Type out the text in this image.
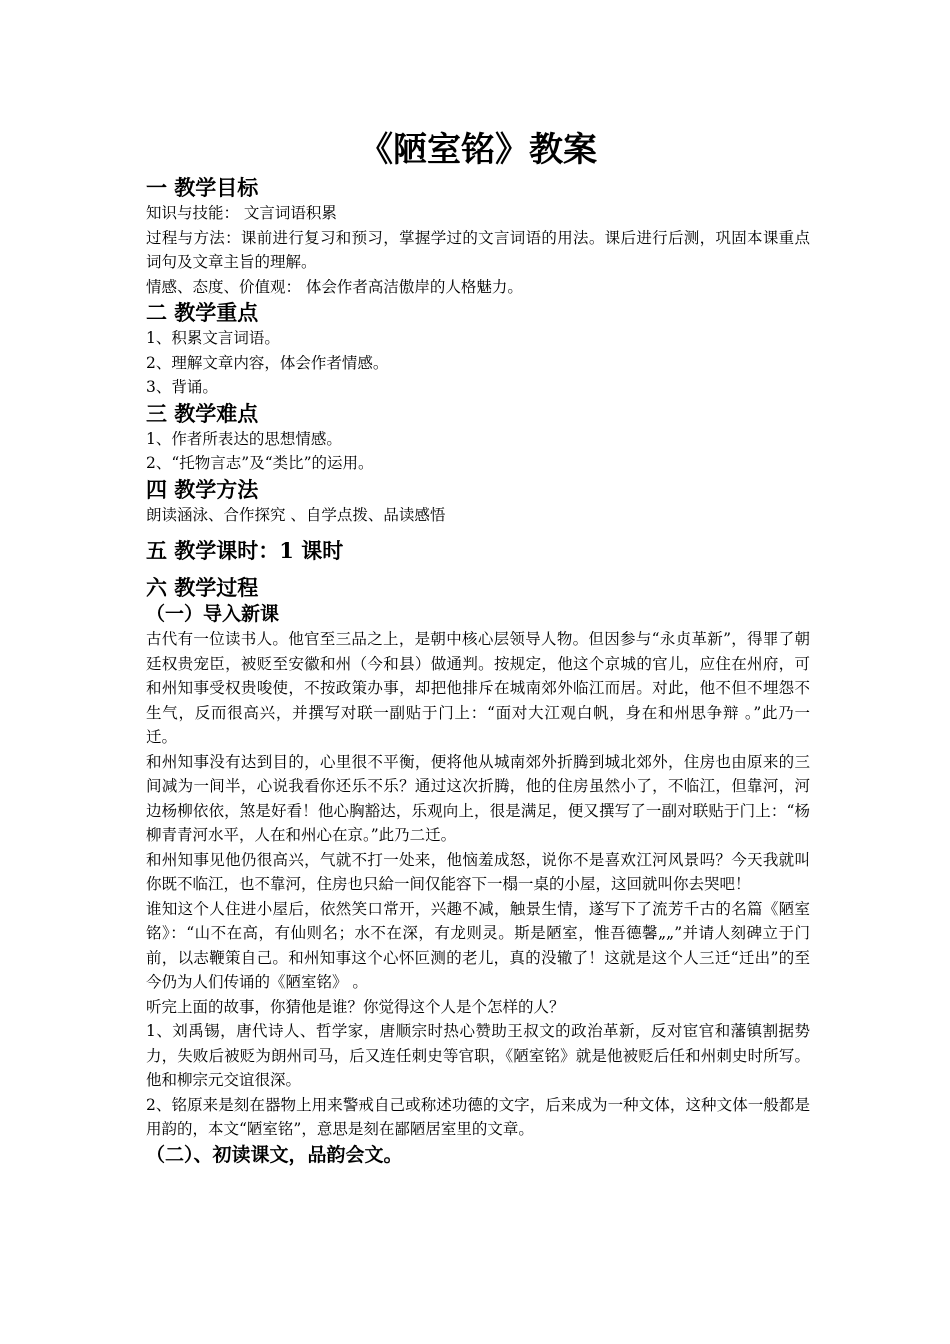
《陋室铭》教案
一 教学目标
知识与技能： 文言词语积累
过程与方法：课前进行复习和预习，掌握学过的文言词语的用法。课后进行后测，巩固本课重点词句及文章主旨的理解。
情感、态度、价值观： 体会作者高洁傲岸的人格魅力。
二 教学重点
1、积累文言词语。
2、理解文章内容，体会作者情感。
3、背诵。
三 教学难点
1、作者所表达的思想情感。
2、“托物言志”及“类比”的运用。
四 教学方法
朗读涵泳、合作探究 、自学点拨、品读感悟
五 教学课时：1 课时
六 教学过程
（一）导入新课
古代有一位读书人。他官至三品之上，是朝中核心层领导人物。但因参与“永贞革新”，得罪了朝廷权贵宠臣，被贬至安徽和州（今和县）做通判。按规定，他这个京城的官儿，应住在州府，可和州知事受权贵唆使，不按政策办事，却把他排斥在城南郊外临江而居。对此，他不但不埋怨不生气，反而很高兴，并撰写对联一副贴于门上：“面对大江观白帆，身在和州思争辩 。”此乃一迁。
和州知事没有达到目的，心里很不平衡，便将他从城南郊外折腾到城北郊外，住房也由原来的三间减为一间半，心说我看你还乐不乐？通过这次折腾，他的住房虽然小了，不临江，但靠河，河边杨柳依依，煞是好看！他心胸豁达，乐观向上，很是满足，便又撰写了一副对联贴于门上：“杨柳青青河水平，人在和州心在京。”此乃二迁。
和州知事见他仍很高兴，气就不打一处来，他恼羞成怒，说你不是喜欢江河风景吗？今天我就叫你既不临江，也不靠河，住房也只給一间仅能容下一榻一桌的小屋，这回就叫你去哭吧！
谁知这个人住进小屋后，依然笑口常开，兴趣不减，触景生情，遂写下了流芳千古的名篇《陋室铭》：“山不在高，有仙则名；水不在深，有龙则灵。斯是陋室，惟吾德馨„„”并请人刻碑立于门前，以志鞭策自己。和州知事这个心怀叵测的老儿，真的没辙了！这就是这个人三迁“迁出”的至今仍为人们传诵的《陋室铭》 。
听完上面的故事，你猜他是谁？你觉得这个人是个怎样的人？
1、刘禹锡，唐代诗人、哲学家，唐顺宗时热心赞助王叔文的政治革新，反对宦官和藩镇割据势力，失败后被贬为朗州司马，后又连任刺史等官职，《陋室铭》就是他被贬后任和州刺史时所写。他和柳宗元交谊很深。
2、铭原来是刻在器物上用来警戒自己或称述功德的文字，后来成为一种文体，这种文体一般都是用韵的，本文“陋室铭”，意思是刻在鄙陋居室里的文章。
（二）、初读课文，品韵会文。
